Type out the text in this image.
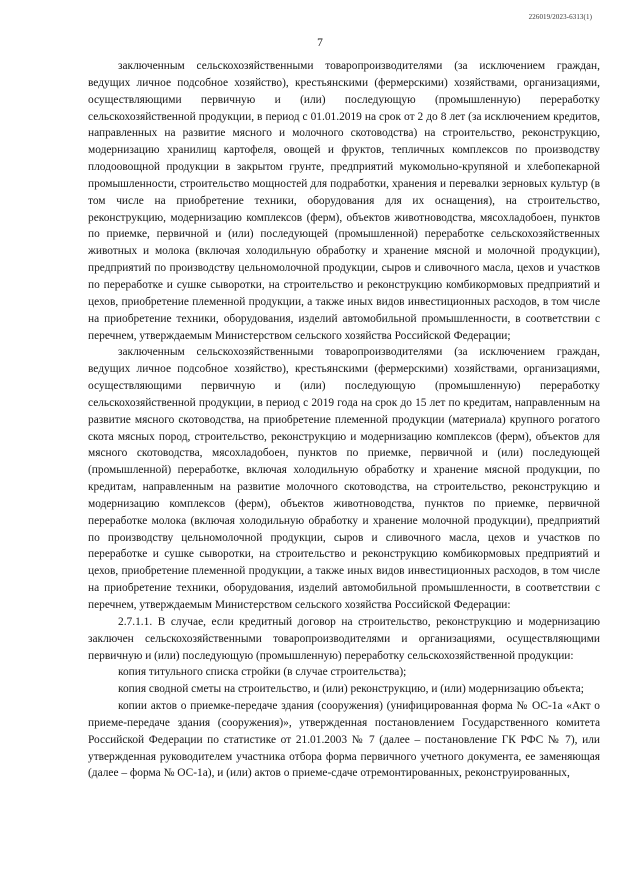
226019/2023-6313(1)
7

заключенным сельскохозяйственными товаропроизводителями (за исключением граждан, ведущих личное подсобное хозяйство), крестьянскими (фермерскими) хозяйствами, организациями, осуществляющими первичную и (или) последующую (промышленную) переработку сельскохозяйственной продукции, в период с 01.01.2019 на срок от 2 до 8 лет (за исключением кредитов, направленных на развитие мясного и молочного скотоводства) на строительство, реконструкцию, модернизацию хранилищ картофеля, овощей и фруктов, тепличных комплексов по производству плодоовощной продукции в закрытом грунте, предприятий мукомольно-крупяной и хлебопекарной промышленности, строительство мощностей для подработки, хранения и перевалки зерновых культур (в том числе на приобретение техники, оборудования для их оснащения), на строительство, реконструкцию, модернизацию комплексов (ферм), объектов животноводства, мясохладобоен, пунктов по приемке, первичной и (или) последующей (промышленной) переработке сельскохозяйственных животных и молока (включая холодильную обработку и хранение мясной и молочной продукции), предприятий по производству цельномолочной продукции, сыров и сливочного масла, цехов и участков по переработке и сушке сыворотки, на строительство и реконструкцию комбикормовых предприятий и цехов, приобретение племенной продукции, а также иных видов инвестиционных расходов, в том числе на приобретение техники, оборудования, изделий автомобильной промышленности, в соответствии с перечнем, утверждаемым Министерством сельского хозяйства Российской Федерации;

заключенным сельскохозяйственными товаропроизводителями (за исключением граждан, ведущих личное подсобное хозяйство), крестьянскими (фермерскими) хозяйствами, организациями, осуществляющими первичную и (или) последующую (промышленную) переработку сельскохозяйственной продукции, в период с 2019 года на срок до 15 лет по кредитам, направленным на развитие мясного скотоводства, на приобретение племенной продукции (материала) крупного рогатого скота мясных пород, строительство, реконструкцию и модернизацию комплексов (ферм), объектов для мясного скотоводства, мясохладобоен, пунктов по приемке, первичной и (или) последующей (промышленной) переработке, включая холодильную обработку и хранение мясной продукции, по кредитам, направленным на развитие молочного скотоводства, на строительство, реконструкцию и модернизацию комплексов (ферм), объектов животноводства, пунктов по приемке, первичной переработке молока (включая холодильную обработку и хранение молочной продукции), предприятий по производству цельномолочной продукции, сыров и сливочного масла, цехов и участков по переработке и сушке сыворотки, на строительство и реконструкцию комбикормовых предприятий и цехов, приобретение племенной продукции, а также иных видов инвестиционных расходов, в том числе на приобретение техники, оборудования, изделий автомобильной промышленности, в соответствии с перечнем, утверждаемым Министерством сельского хозяйства Российской Федерации:

2.7.1.1. В случае, если кредитный договор на строительство, реконструкцию и модернизацию заключен сельскохозяйственными товаропроизводителями и организациями, осуществляющими первичную и (или) последующую (промышленную) переработку сельскохозяйственной продукции:

копия титульного списка стройки (в случае строительства);

копия сводной сметы на строительство, и (или) реконструкцию, и (или) модернизацию объекта;

копии актов о приемке-передаче здания (сооружения) (унифицированная форма № ОС-1а «Акт о приеме-передаче здания (сооружения)», утвержденная постановлением Государственного комитета Российской Федерации по статистике от 21.01.2003 № 7 (далее – постановление ГК РФС № 7), или утвержденная руководителем участника отбора форма первичного учетного документа, ее заменяющая (далее – форма № ОС-1а), и (или) актов о приеме-сдаче отремонтированных, реконструированных,
